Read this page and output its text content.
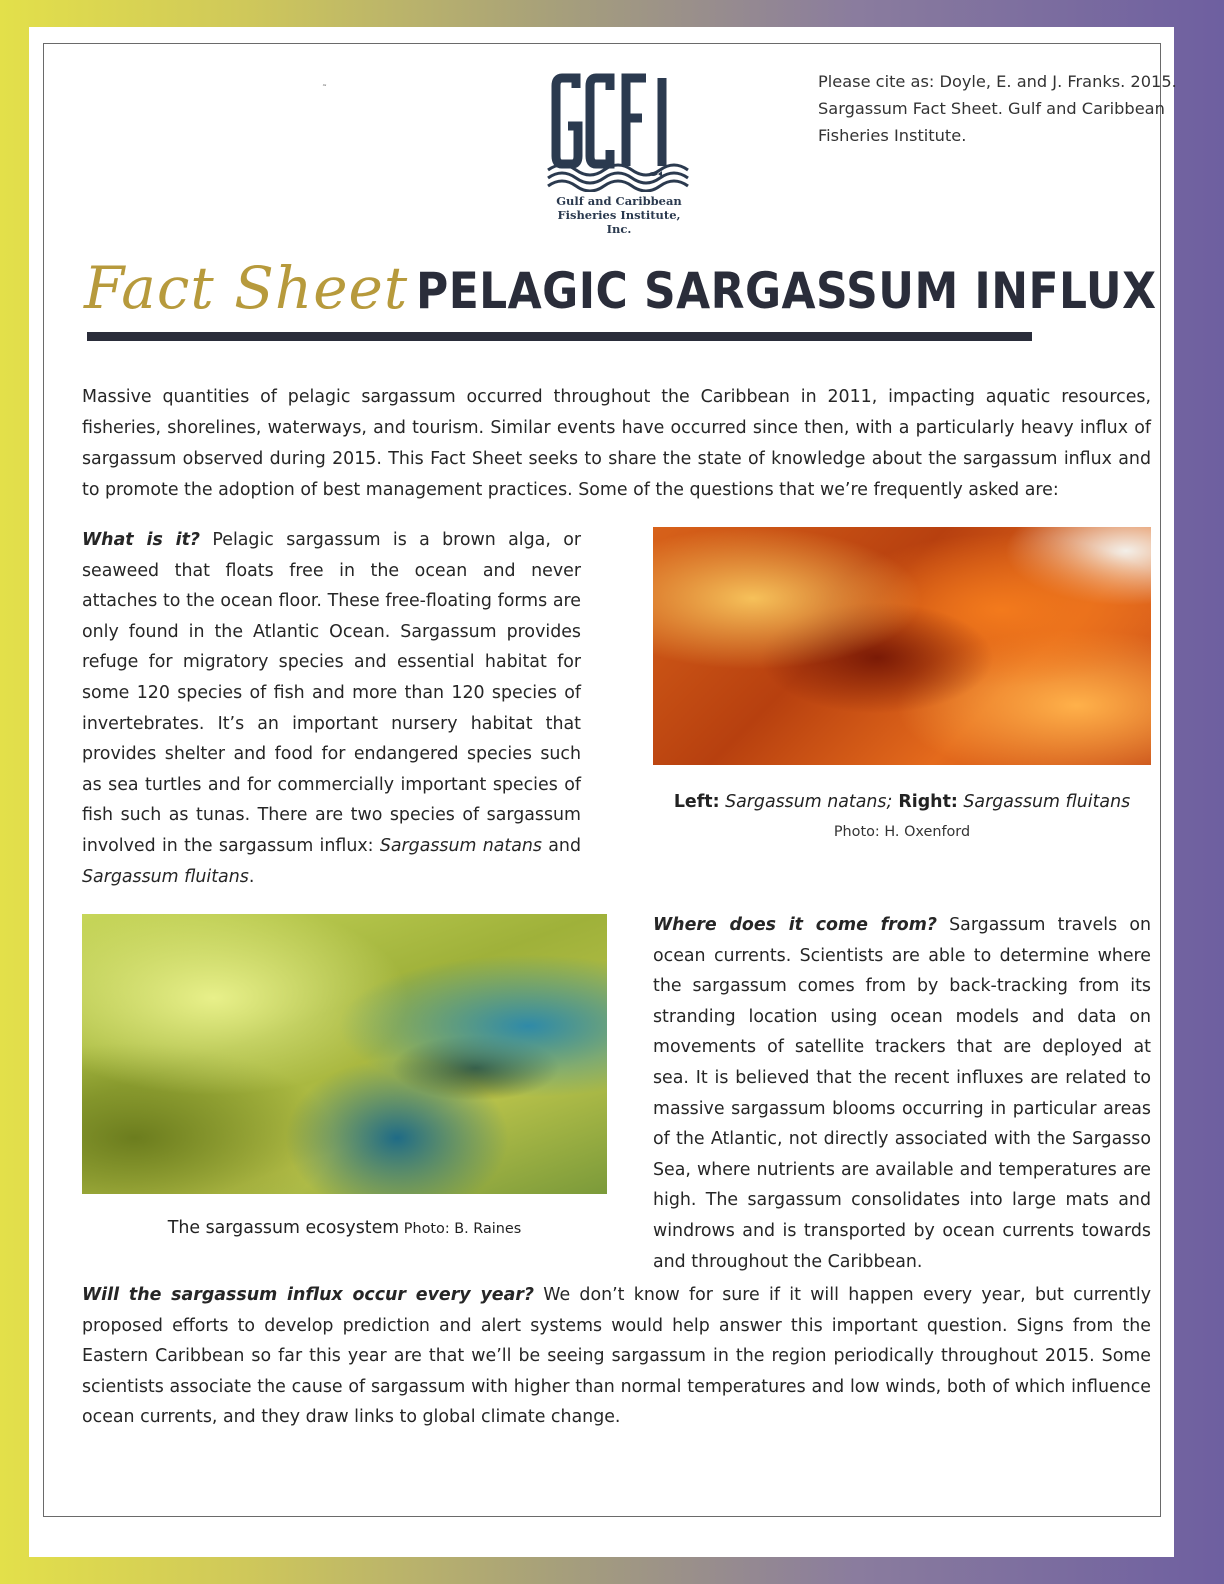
Gulf and Caribbean
Fisheries Institute, Inc.
Please cite as: Doyle, E. and J. Franks. 2015. Sargassum Fact Sheet. Gulf and Caribbean Fisheries Institute.
Fact Sheet PELAGIC SARGASSUM INFLUX
Massive quantities of pelagic sargassum occurred throughout the Caribbean in 2011, impacting aquatic resources, fisheries, shorelines, waterways, and tourism. Similar events have occurred since then, with a particularly heavy influx of sargassum observed during 2015. This Fact Sheet seeks to share the state of knowledge about the sargassum influx and to promote the adoption of best management practices. Some of the questions that we’re frequently asked are:
What is it? Pelagic sargassum is a brown alga, or seaweed that floats free in the ocean and never attaches to the ocean floor. These free-floating forms are only found in the Atlantic Ocean. Sargassum provides refuge for migratory species and essential habitat for some 120 species of fish and more than 120 species of invertebrates. It’s an important nursery habitat that provides shelter and food for endangered species such as sea turtles and for commercially important species of fish such as tunas. There are two species of sargassum involved in the sargassum influx: Sargassum natans and Sargassum fluitans.
Left: Sargassum natans; Right: Sargassum fluitans
Photo: H. Oxenford
The sargassum ecosystem Photo: B. Raines
Where does it come from? Sargassum travels on ocean currents. Scientists are able to determine where the sargassum comes from by back-tracking from its stranding location using ocean models and data on movements of satellite trackers that are deployed at sea. It is believed that the recent influxes are related to massive sargassum blooms occurring in particular areas of the Atlantic, not directly associated with the Sargasso Sea, where nutrients are available and temperatures are high. The sargassum consolidates into large mats and windrows and is transported by ocean currents towards and throughout the Caribbean.
Will the sargassum influx occur every year? We don’t know for sure if it will happen every year, but currently proposed efforts to develop prediction and alert systems would help answer this important question. Signs from the Eastern Caribbean so far this year are that we’ll be seeing sargassum in the region periodically throughout 2015. Some scientists associate the cause of sargassum with higher than normal temperatures and low winds, both of which influence ocean currents, and they draw links to global climate change.
